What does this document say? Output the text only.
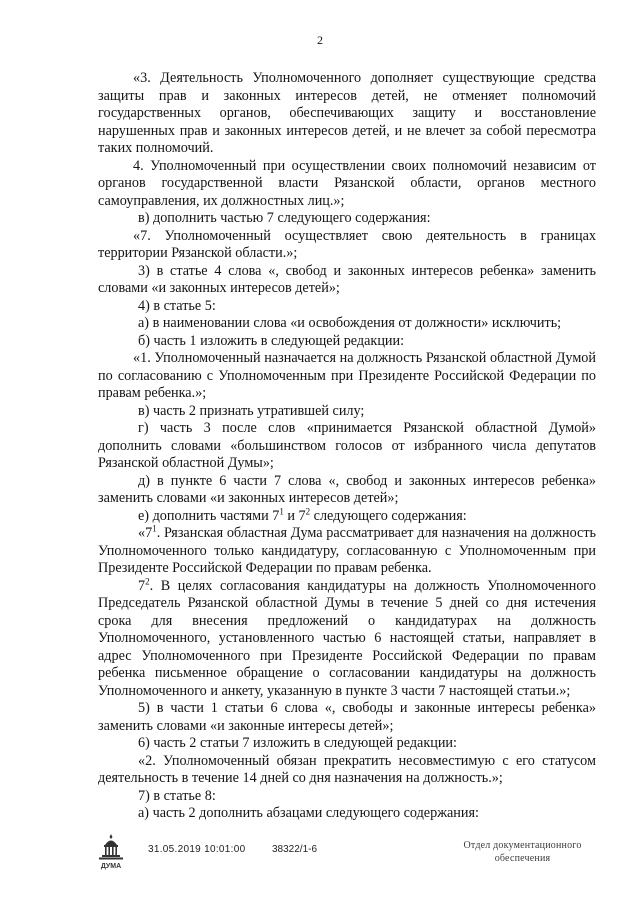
2

«3. Деятельность Уполномоченного дополняет существующие средства защиты прав и законных интересов детей, не отменяет полномочий государственных органов, обеспечивающих защиту и восстановление нарушенных прав и законных интересов детей, и не влечет за собой пересмотра таких полномочий.

4. Уполномоченный при осуществлении своих полномочий независим от органов государственной власти Рязанской области, органов местного самоуправления, их должностных лиц.»;

в) дополнить частью 7 следующего содержания:

«7. Уполномоченный осуществляет свою деятельность в границах территории Рязанской области.»;

3) в статье 4 слова «, свобод и законных интересов ребенка» заменить словами «и законных интересов детей»;

4) в статье 5:

а) в наименовании слова «и освобождения от должности» исключить;

б) часть 1 изложить в следующей редакции:

«1. Уполномоченный назначается на должность Рязанской областной Думой по согласованию с Уполномоченным при Президенте Российской Федерации по правам ребенка.»;

в) часть 2 признать утратившей силу;

г) часть 3 после слов «принимается Рязанской областной Думой» дополнить словами «большинством голосов от избранного числа депутатов Рязанской областной Думы»;

д) в пункте 6 части 7 слова «, свобод и законных интересов ребенка» заменить словами «и законных интересов детей»;

е) дополнить частями $7^1$ и $7^2$ следующего содержания:

«$7^1$. Рязанская областная Дума рассматривает для назначения на должность Уполномоченного только кандидатуру, согласованную с Уполномоченным при Президенте Российской Федерации по правам ребенка.

$7^2$. В целях согласования кандидатуры на должность Уполномоченного Председатель Рязанской областной Думы в течение 5 дней со дня истечения срока для внесения предложений о кандидатурах на должность Уполномоченного, установленного частью 6 настоящей статьи, направляет в адрес Уполномоченного при Президенте Российской Федерации по правам ребенка письменное обращение о согласовании кандидатуры на должность Уполномоченного и анкету, указанную в пункте 3 части 7 настоящей статьи.»;

5) в части 1 статьи 6 слова «, свободы и законные интересы ребенка» заменить словами «и законные интересы детей»;

6) часть 2 статьи 7 изложить в следующей редакции:

«2. Уполномоченный обязан прекратить несовместимую с его статусом деятельность в течение 14 дней со дня назначения на должность.»;

7) в статье 8:

а) часть 2 дополнить абзацами следующего содержания:

ДУМА
31.05.2019 10:01:00	38322/1-6	Отдел документационного
обеспечения
